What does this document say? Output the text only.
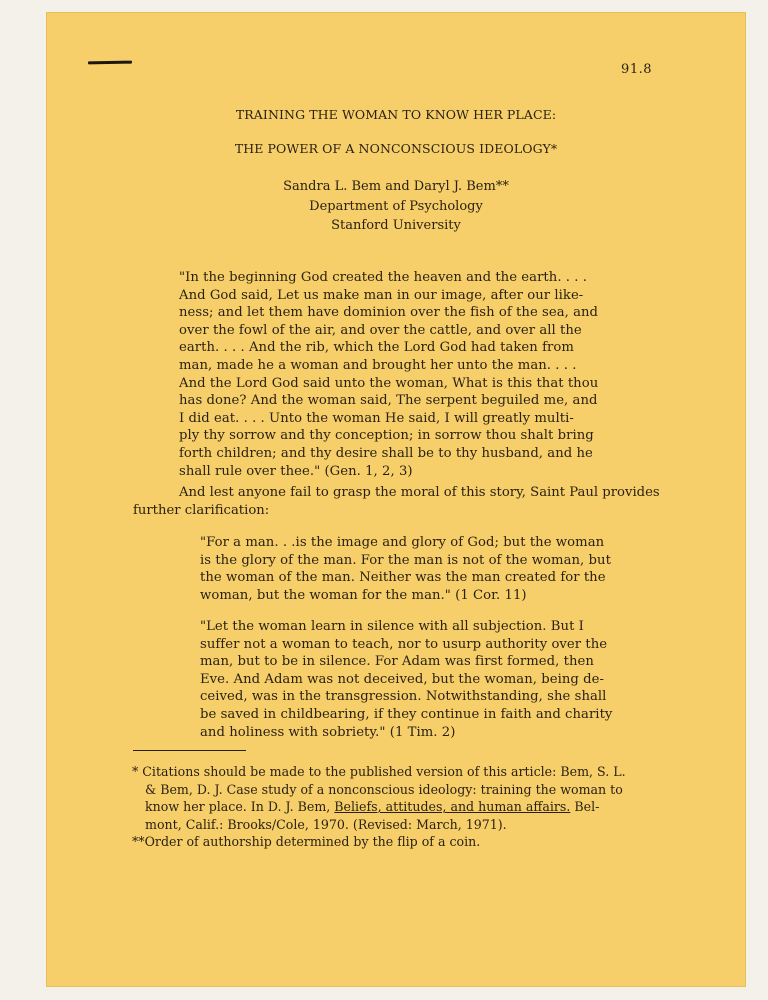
91.8
TRAINING THE WOMAN TO KNOW HER PLACE:
THE POWER OF A NONCONSCIOUS IDEOLOGY*
Sandra L. Bem and Daryl J. Bem**
Department of Psychology
Stanford University
"In the beginning God created the heaven and the earth. . . .
And God said, Let us make man in our image, after our like-
ness; and let them have dominion over the fish of the sea, and
over the fowl of the air, and over the cattle, and over all the
earth. . . . And the rib, which the Lord God had taken from
man, made he a woman and brought her unto the man. . . .
And the Lord God said unto the woman, What is this that thou
has done? And the woman said, The serpent beguiled me, and
I did eat. . . . Unto the woman He said, I will greatly multi-
ply thy sorrow and thy conception; in sorrow thou shalt bring
forth children; and thy desire shall be to thy husband, and he
shall rule over thee." (Gen. 1, 2, 3)
And lest anyone fail to grasp the moral of this story, Saint Paul provides
further clarification:
"For a man. . .is the image and glory of God; but the woman
is the glory of the man. For the man is not of the woman, but
the woman of the man. Neither was the man created for the
woman, but the woman for the man." (1 Cor. 11)
"Let the woman learn in silence with all subjection. But I
suffer not a woman to teach, nor to usurp authority over the
man, but to be in silence. For Adam was first formed, then
Eve. And Adam was not deceived, but the woman, being de-
ceived, was in the transgression. Notwithstanding, she shall
be saved in childbearing, if they continue in faith and charity
and holiness with sobriety." (1 Tim. 2)
* Citations should be made to the published version of this article: Bem, S. L.
& Bem, D. J. Case study of a nonconscious ideology: training the woman to
know her place. In D. J. Bem, Beliefs, attitudes, and human affairs. Bel-
mont, Calif.: Brooks/Cole, 1970. (Revised: March, 1971).
**Order of authorship determined by the flip of a coin.
